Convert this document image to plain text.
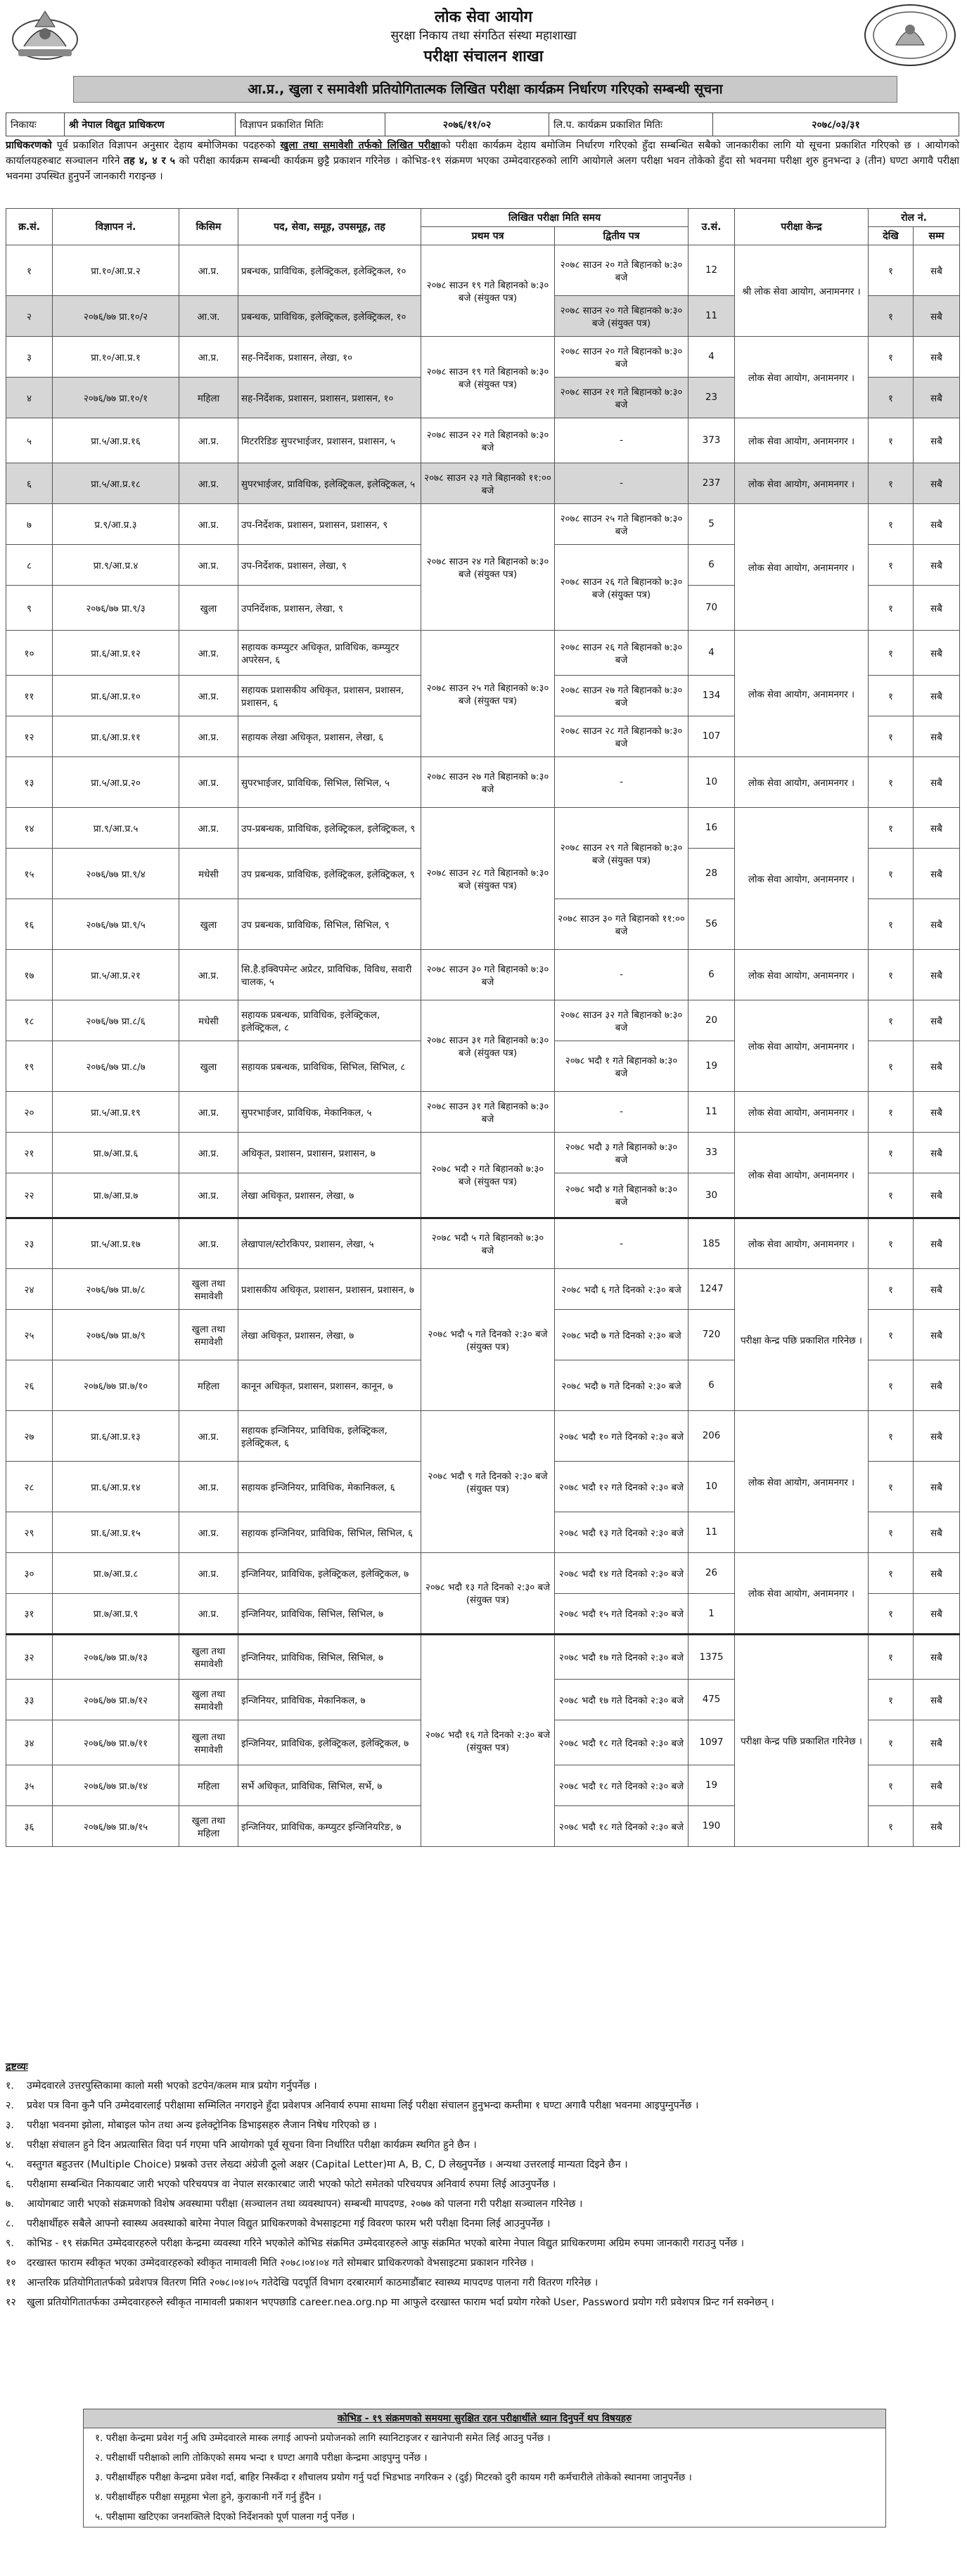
लोक सेवा आयोग
सुरक्षा निकाय तथा संगठित संस्था महाशाखा
परीक्षा संचालन शाखा
आ.प्र., खुला र समावेशी प्रतियोगितात्मक लिखित परीक्षा कार्यक्रम निर्धारण गरिएको सम्बन्धी सूचना
निकायः	श्री नेपाल विद्युत प्राधिकरण	विज्ञापन प्रकाशित मितिः	२०७६/११/०२	लि.प. कार्यक्रम प्रकाशित मितिः	२०७८/०३/३१
प्राधिकरणको पूर्व प्रकाशित विज्ञापन अनुसार देहाय बमोजिमका पदहरुको खुला तथा समावेशी तर्फको लिखित परीक्षाको परीक्षा कार्यक्रम देहाय बमोजिम निर्धारण गरिएको हुँदा सम्बन्धित सबैको जानकारीका लागि यो सूचना प्रकाशित गरिएको छ । आयोगको कार्यालयहरुबाट सञ्चालन गरिने तह ४, ४ र ५ को परीक्षा कार्यक्रम सम्बन्धी कार्यक्रम छुट्टै प्रकाशन गरिनेछ । कोभिड-१९ संक्रमण भएका उम्मेदवारहरुको लागि आयोगले अलग परीक्षा भवन तोकेको हुँदा सो भवनमा परीक्षा शुरु हुनभन्दा ३ (तीन) घण्टा अगावै परीक्षा भवनमा उपस्थित हुनुपर्ने जानकारी गराइन्छ ।
क्र.सं.	विज्ञापन नं.	किसिम	पद, सेवा, समूह, उपसमूह, तह	लिखित परीक्षा मिति समय		उ.सं.	परीक्षा केन्द्र	रोल नं.	
				प्रथम पत्र	द्वितीय पत्र			देखि	सम्म
१	प्रा.१०/आ.प्र.२	आ.प्र.	प्रबन्धक, प्राविधिक, इलेक्ट्रिकल, इलेक्ट्रिकल, १०	२०७८ साउन १९ गते बिहानको ७:३० बजे (संयुक्त पत्र)	२०७८ साउन २० गते बिहानको ७:३० बजे	12	श्री लोक सेवा आयोग, अनामनगर ।	१	सबै
२	२०७६/७७ प्रा.१०/२	आ.ज.	प्रबन्धक, प्राविधिक, इलेक्ट्रिकल, इलेक्ट्रिकल, १०		२०७८ साउन २० गते बिहानको ७:३० बजे (संयुक्त पत्र)	11		१	सबै
३	प्रा.१०/आ.प्र.१	आ.प्र.	सह-निर्देशक, प्रशासन, लेखा, १०	२०७८ साउन १९ गते बिहानको ७:३० बजे (संयुक्त पत्र)	२०७८ साउन २० गते बिहानको ७:३० बजे	4	लोक सेवा आयोग, अनामनगर ।	१	सबै
४	२०७६/७७ प्रा.१०/१	महिला	सह-निर्देशक, प्रशासन, प्रशासन, प्रशासन, १०		२०७८ साउन २१ गते बिहानको ७:३० बजे	23		१	सबै
५	प्रा.५/आ.प्र.१६	आ.प्र.	मिटररिडिङ सुपरभाईजर, प्रशासन, प्रशासन, ५	२०७८ साउन २२ गते बिहानको ७:३० बजे	-	373	लोक सेवा आयोग, अनामनगर ।	१	सबै
६	प्रा.५/आ.प्र.१८	आ.प्र.	सुपरभाईजर, प्राविधिक, इलेक्ट्रिकल, इलेक्ट्रिकल, ५	२०७८ साउन २३ गते बिहानको ११:०० बजे	-	237	लोक सेवा आयोग, अनामनगर ।	१	सबै
७	प्र.९/आ.प्र.३	आ.प्र.	उप-निर्देशक, प्रशासन, प्रशासन, प्रशासन, ९	२०७८ साउन २४ गते बिहानको ७:३० बजे (संयुक्त पत्र)	२०७८ साउन २५ गते बिहानको ७:३० बजे	5	लोक सेवा आयोग, अनामनगर ।	१	सबै
८	प्रा.९/आ.प्र.४	आ.प्र.	उप-निर्देशक, प्रशासन, लेखा, ९		२०७८ साउन २६ गते बिहानको ७:३० बजे (संयुक्त पत्र)	6		१	सबै
९	२०७६/७७ प्रा.९/३	खुला	उपनिर्देशक, प्रशासन, लेखा, ९			70		१	सबै
१०	प्रा.६/आ.प्र.१२	आ.प्र.	सहायक कम्प्युटर अधिकृत, प्राविधिक, कम्प्युटर अपरेसन, ६	२०७८ साउन २५ गते बिहानको ७:३० बजे (संयुक्त पत्र)	२०७८ साउन २६ गते बिहानको ७:३० बजे	4	लोक सेवा आयोग, अनामनगर ।	१	सबै
११	प्रा.६/आ.प्र.१०	आ.प्र.	सहायक प्रशासकीय अधिकृत, प्रशासन, प्रशासन, प्रशासन, ६		२०७८ साउन २७ गते बिहानको ७:३० बजे	134		१	सबै
१२	प्रा.६/आ.प्र.११	आ.प्र.	सहायक लेखा अधिकृत, प्रशासन, लेखा, ६		२०७८ साउन २८ गते बिहानको ७:३० बजे	107		१	सबै
१३	प्रा.५/आ.प्र.२०	आ.प्र.	सुपरभाईजर, प्राविधिक, सिभिल, सिभिल, ५	२०७८ साउन २७ गते बिहानको ७:३० बजे	-	10	लोक सेवा आयोग, अनामनगर ।	१	सबै
१४	प्रा.९/आ.प्र.५	आ.प्र.	उप-प्रबन्धक, प्राविधिक, इलेक्ट्रिकल, इलेक्ट्रिकल, ९	२०७८ साउन २८ गते बिहानको ७:३० बजे (संयुक्त पत्र)	२०७८ साउन २९ गते बिहानको ७:३० बजे (संयुक्त पत्र)	16	लोक सेवा आयोग, अनामनगर ।	१	सबै
१५	२०७६/७७ प्रा.९/४	मधेसी	उप प्रबन्धक, प्राविधिक, इलेक्ट्रिकल, इलेक्ट्रिकल, ९			28		१	सबै
१६	२०७६/७७ प्रा.९/५	खुला	उप प्रबन्धक, प्राविधिक, सिभिल, सिभिल, ९		२०७८ साउन ३० गते बिहानको ११:०० बजे	56		१	सबै
१७	प्रा.५/आ.प्र.२१	आ.प्र.	सि.है.इक्विपमेन्ट अप्रेटर, प्राविधिक, विविध, सवारी चालक, ५	२०७८ साउन ३० गते बिहानको ७:३० बजे	-	6	लोक सेवा आयोग, अनामनगर ।	१	सबै
१८	२०७६/७७ प्रा.८/६	मधेसी	सहायक प्रबन्धक, प्राविधिक, इलेक्ट्रिकल, इलेक्ट्रिकल, ८	२०७८ साउन ३१ गते बिहानको ७:३० बजे (संयुक्त पत्र)	२०७८ साउन ३२ गते बिहानको ७:३० बजे	20	लोक सेवा आयोग, अनामनगर ।	१	सबै
१९	२०७६/७७ प्रा.८/७	खुला	सहायक प्रबन्धक, प्राविधिक, सिभिल, सिभिल, ८		२०७८ भदौ १ गते बिहानको ७:३० बजे	19		१	सबै
२०	प्रा.५/आ.प्र.१९	आ.प्र.	सुपरभाईजर, प्राविधिक, मेकानिकल, ५	२०७८ साउन ३१ गते बिहानको ७:३० बजे	-	11	लोक सेवा आयोग, अनामनगर ।	१	सबै
२१	प्रा.७/आ.प्र.६	आ.प्र.	अधिकृत, प्रशासन, प्रशासन, प्रशासन, ७	२०७८ भदौ २ गते बिहानको ७:३० बजे (संयुक्त पत्र)	२०७८ भदौ ३ गते बिहानको ७:३० बजे	33	लोक सेवा आयोग, अनामनगर ।	१	सबै
२२	प्रा.७/आ.प्र.७	आ.प्र.	लेखा अधिकृत, प्रशासन, लेखा, ७		२०७८ भदौ ४ गते बिहानको ७:३० बजे	30		१	सबै
२३	प्रा.५/आ.प्र.१७	आ.प्र.	लेखापाल/स्टोरकिपर, प्रशासन, लेखा, ५	२०७८ भदौ ५ गते बिहानको ७:३० बजे	-	185	लोक सेवा आयोग, अनामनगर ।	१	सबै
२४	२०७६/७७ प्रा.७/८	खुला तथा समावेशी	प्रशासकीय अधिकृत, प्रशासन, प्रशासन, प्रशासन, ७	२०७८ भदौ ५ गते दिनको २:३० बजे (संयुक्त पत्र)	२०७८ भदौ ६ गते दिनको २:३० बजे	1247	परीक्षा केन्द्र पछि प्रकाशित गरिनेछ ।	१	सबै
२५	२०७६/७७ प्रा.७/९	खुला तथा समावेशी	लेखा अधिकृत, प्रशासन, लेखा, ७		२०७८ भदौ ७ गते दिनको २:३० बजे	720		१	सबै
२६	२०७६/७७ प्रा.७/१०	महिला	कानून अधिकृत, प्रशासन, प्रशासन, कानून, ७		२०७८ भदौ ७ गते दिनको २:३० बजे	6		१	सबै
२७	प्रा.६/आ.प्र.१३	आ.प्र.	सहायक इन्जिनियर, प्राविधिक, इलेक्ट्रिकल, इलेक्ट्रिकल, ६	२०७८ भदौ ९ गते दिनको २:३० बजे (संयुक्त पत्र)	२०७८ भदौ १० गते दिनको २:३० बजे	206	लोक सेवा आयोग, अनामनगर ।	१	सबै
२८	प्रा.६/आ.प्र.१४	आ.प्र.	सहायक इन्जिनियर, प्राविधिक, मेकानिकल, ६		२०७८ भदौ १२ गते दिनको २:३० बजे	10		१	सबै
२९	प्रा.६/आ.प्र.१५	आ.प्र.	सहायक इन्जिनियर, प्राविधिक, सिभिल, सिभिल, ६		२०७८ भदौ १३ गते दिनको २:३० बजे	11		१	सबै
३०	प्रा.७/आ.प्र.८	आ.प्र.	इन्जिनियर, प्राविधिक, इलेक्ट्रिकल, इलेक्ट्रिकल, ७	२०७८ भदौ १३ गते दिनको २:३० बजे (संयुक्त पत्र)	२०७८ भदौ १४ गते दिनको २:३० बजे	26	लोक सेवा आयोग, अनामनगर ।	१	सबै
३१	प्रा.७/आ.प्र.९	आ.प्र.	इन्जिनियर, प्राविधिक, सिभिल, सिभिल, ७		२०७८ भदौ १५ गते दिनको २:३० बजे	1		१	सबै
३२	२०७६/७७ प्रा.७/१३	खुला तथा समावेशी	इन्जिनियर, प्राविधिक, सिभिल, सिभिल, ७	२०७८ भदौ १६ गते दिनको २:३० बजे (संयुक्त पत्र)	२०७८ भदौ १७ गते दिनको २:३० बजे	1375	परीक्षा केन्द्र पछि प्रकाशित गरिनेछ ।	१	सबै
३३	२०७६/७७ प्रा.७/१२	खुला तथा समावेशी	इन्जिनियर, प्राविधिक, मेकानिकल, ७		२०७८ भदौ १७ गते दिनको २:३० बजे	475		१	सबै
३४	२०७६/७७ प्रा.७/११	खुला तथा समावेशी	इन्जिनियर, प्राविधिक, इलेक्ट्रिकल, इलेक्ट्रिकल, ७		२०७८ भदौ १८ गते दिनको २:३० बजे	1097		१	सबै
३५	२०७६/७७ प्रा.७/१४	महिला	सर्भे अधिकृत, प्राविधिक, सिभिल, सर्भे, ७		२०७८ भदौ १८ गते दिनको २:३० बजे	19		१	सबै
३६	२०७६/७७ प्रा.७/१५	खुला तथा महिला	इन्जिनियर, प्राविधिक, कम्प्युटर इन्जिनियरिङ, ७		२०७८ भदौ १८ गते दिनको २:३० बजे	190		१	सबै
द्रष्टव्यः
१.	उम्मेदवारले उत्तरपुस्तिकामा कालो मसी भएको डटपेन/कलम मात्र प्रयोग गर्नुपर्नेछ ।
२.	प्रवेश पत्र विना कुनै पनि उम्मेदवारलाई परीक्षामा सम्मिलित नगराइने हुँदा प्रवेशपत्र अनिवार्य रुपमा साथमा लिई परीक्षा संचालन हुनुभन्दा कम्तीमा १ घण्टा अगावै परीक्षा भवनमा आइपुग्नुपर्नेछ ।
३.	परीक्षा भवनमा झोला, मोबाइल फोन तथा अन्य इलेक्ट्रोनिक डिभाइसहरु लैजान निषेध गरिएको छ ।
४.	परीक्षा संचालन हुने दिन अप्रत्यासित विदा पर्न गएमा पनि आयोगको पूर्व सूचना विना निर्धारित परीक्षा कार्यक्रम स्थगित हुने छैन ।
५.	वस्तुगत बहुउत्तर (Multiple Choice) प्रश्नको उत्तर लेख्दा अंग्रेजी ठूलो अक्षर (Capital Letter)मा A, B, C, D लेख्नुपर्नेछ । अन्यथा उत्तरलाई मान्यता दिइने छैन ।
६.	परीक्षामा सम्बन्धित निकायबाट जारी भएको परिचयपत्र वा नेपाल सरकारबाट जारी भएको फोटो समेतको परिचयपत्र अनिवार्य रुपमा लिई आउनुपर्नेछ ।
७.	आयोगबाट जारी भएको संक्रमणको विशेष अवस्थामा परीक्षा (सञ्चालन तथा व्यवस्थापन) सम्बन्धी मापदण्ड, २०७७ को पालना गरी परीक्षा सञ्चालन गरिनेछ ।
८.	परीक्षार्थीहरु सबैले आफ्नो स्वास्थ्य अवस्थाको बारेमा नेपाल विद्युत प्राधिकरणको वेभसाइटमा गई विवरण फारम भरी परीक्षा दिनमा लिई आउनुपर्नेछ ।
९.	कोभिड - १९ संक्रमित उम्मेदवारहरुले परीक्षा केन्द्रमा व्यवस्था गरिने भएकोले कोभिड संक्रमित उम्मेदवारहरुले आफु संक्रमित भएको बारेमा नेपाल विद्युत प्राधिकरणमा अग्रिम रुपमा जानकारी गराउनु पर्नेछ ।
१०	दरखास्त फाराम स्वीकृत भएका उम्मेदवारहरुको स्वीकृत नामावली मिति २०७८।०४।०४ गते सोमबार प्राधिकरणको वेभसाइटमा प्रकाशन गरिनेछ ।
११	आन्तरिक प्रतियोगितातर्फको प्रवेशपत्र वितरण मिति २०७८।०४।०५ गतेदेखि पदपूर्ति विभाग दरबारमार्ग काठमाडौंबाट स्वास्थ्य मापदण्ड पालना गरी वितरण गरिनेछ ।
१२	खुला प्रतियोगितातर्फका उम्मेदवारहरुले स्वीकृत नामावली प्रकाशन भएपछाडि career.nea.org.np मा आफुले दरखास्त फाराम भर्दा प्रयोग गरेको User, Password प्रयोग गरी प्रवेशपत्र प्रिन्ट गर्न सक्नेछन् ।
कोभिड - १९ संक्रमणको समयमा सुरक्षित रहन परीक्षार्थीले ध्यान दिनुपर्ने थप विषयहरु
१. परीक्षा केन्द्रमा प्रवेश गर्नु अघि उम्मेदवारले मास्क लगाई आफ्नो प्रयोजनको लागि स्यानिटाइजर र खानेपानी समेत लिई आउनु पर्नेछ ।
२. परीक्षार्थी परीक्षाको लागि तोकिएको समय भन्दा १ घण्टा अगावै परीक्षा केन्द्रमा आइपुग्नु पर्नेछ ।
३. परीक्षार्थीहरु परीक्षा केन्द्रमा प्रवेश गर्दा, बाहिर निस्कँदा र शौचालय प्रयोग गर्नु पर्दा भिडभाड नगरिकन २ (दुई) मिटरको दुरी कायम गरी कर्मचारीले तोकेको स्थानमा जानुपर्नेछ ।
४. परीक्षार्थीहरु परीक्षा समूहमा भेला हुने, कुराकानी गर्ने गर्नु हुँदैन ।
५. परीक्षामा खटिएका जनशक्तिले दिएको निर्देशनको पूर्ण पालना गर्नु पर्नेछ ।
